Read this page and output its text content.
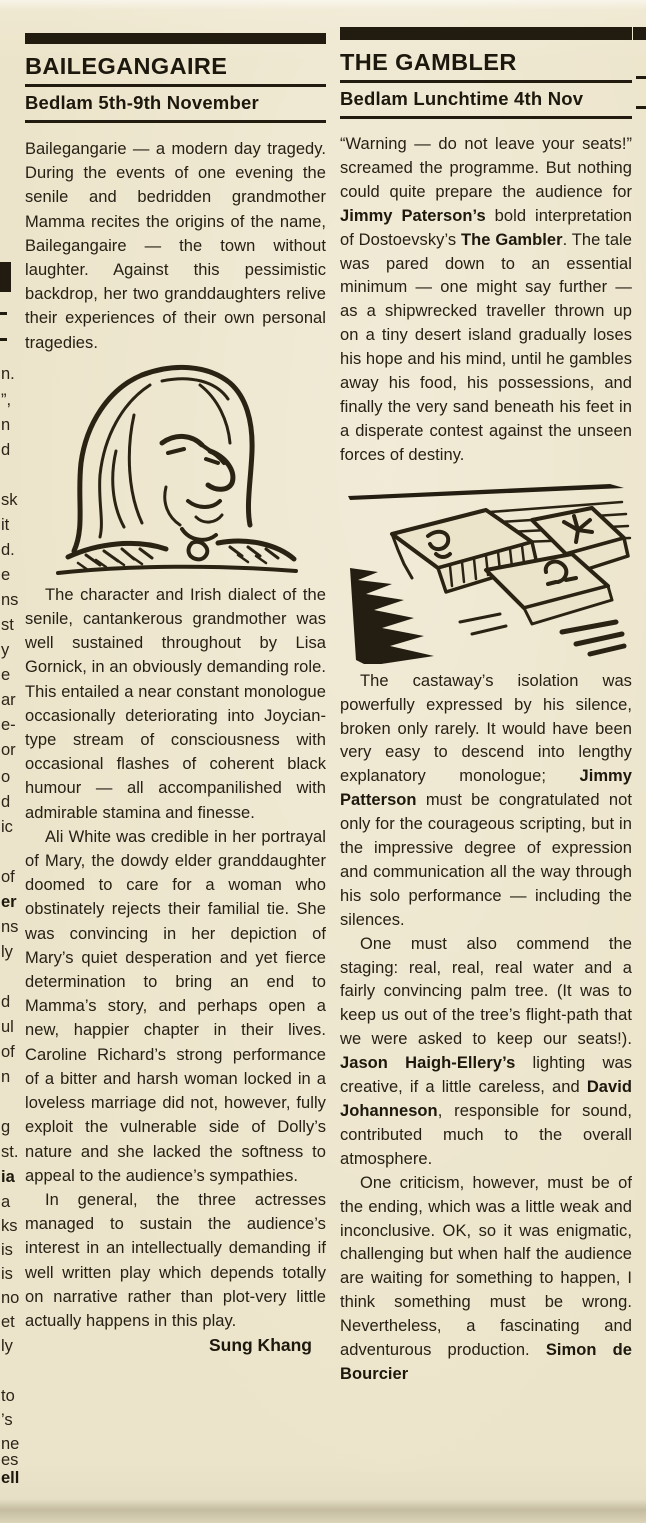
BAILEGANGAIRE
Bedlam 5th-9th November

Bailegangarie — a modern day tragedy. During the events of one evening the senile and bedridden grandmother Mamma recites the origins of the name, Bailegangaire — the town without laughter. Against this pessimistic backdrop, her two granddaughters relive their experiences of their own personal tragedies.

The character and Irish dialect of the senile, cantankerous grandmother was well sustained throughout by Lisa Gornick, in an obviously demanding role. This entailed a near constant monologue occasionally deteriorating into Joycian-type stream of consciousness with occasional flashes of coherent black humour — all accompanilished with admirable stamina and finesse.

Ali White was credible in her portrayal of Mary, the dowdy elder granddaughter doomed to care for a woman who obstinately rejects their familial tie. She was convincing in her depiction of Mary’s quiet desperation and yet fierce determination to bring an end to Mamma’s story, and perhaps open a new, happier chapter in their lives. Caroline Richard’s strong performance of a bitter and harsh woman locked in a loveless marriage did not, however, fully exploit the vulnerable side of Dolly’s nature and she lacked the softness to appeal to the audience’s sympathies.

In general, the three actresses managed to sustain the audience’s interest in an intellectually demanding if well written play which depends totally on narrative rather than plot-very little actually happens in this play.

Sung Khang
THE GAMBLER
Bedlam Lunchtime 4th Nov

“Warning — do not leave your seats!” screamed the programme. But nothing could quite prepare the audience for Jimmy Paterson’s bold interpretation of Dostoevsky’s The Gambler. The tale was pared down to an essential minimum — one might say further — as a shipwrecked traveller thrown up on a tiny desert island gradually loses his hope and his mind, until he gambles away his food, his possessions, and finally the very sand beneath his feet in a disperate contest against the unseen forces of destiny.

The castaway’s isolation was powerfully expressed by his silence, broken only rarely. It would have been very easy to descend into lengthy explanatory monologue; Jimmy Patterson must be congratulated not only for the courageous scripting, but in the impressive degree of expression and communication all the way through his solo performance — including the silences.

One must also commend the staging: real, real, real water and a fairly convincing palm tree. (It was to keep us out of the tree’s flight-path that we were asked to keep our seats!). Jason Haigh-Ellery’s lighting was creative, if a little careless, and David Johanneson, responsible for sound, contributed much to the overall atmosphere.

One criticism, however, must be of the ending, which was a little weak and inconclusive. OK, so it was enigmatic, challenging but when half the audience are waiting for something to happen, I think something must be wrong. Nevertheless, a fascinating and adventurous production. Simon de Bourcier

n.
”,
n
d
sk
it
d.
e
ns
st
y
e
ar
e-
or
o
d
ic
of
er
ns
ly
d
ul
of
n
g
st.
ia
a
ks
is
is
no
et
ly
to
’s
ne
es
ell
